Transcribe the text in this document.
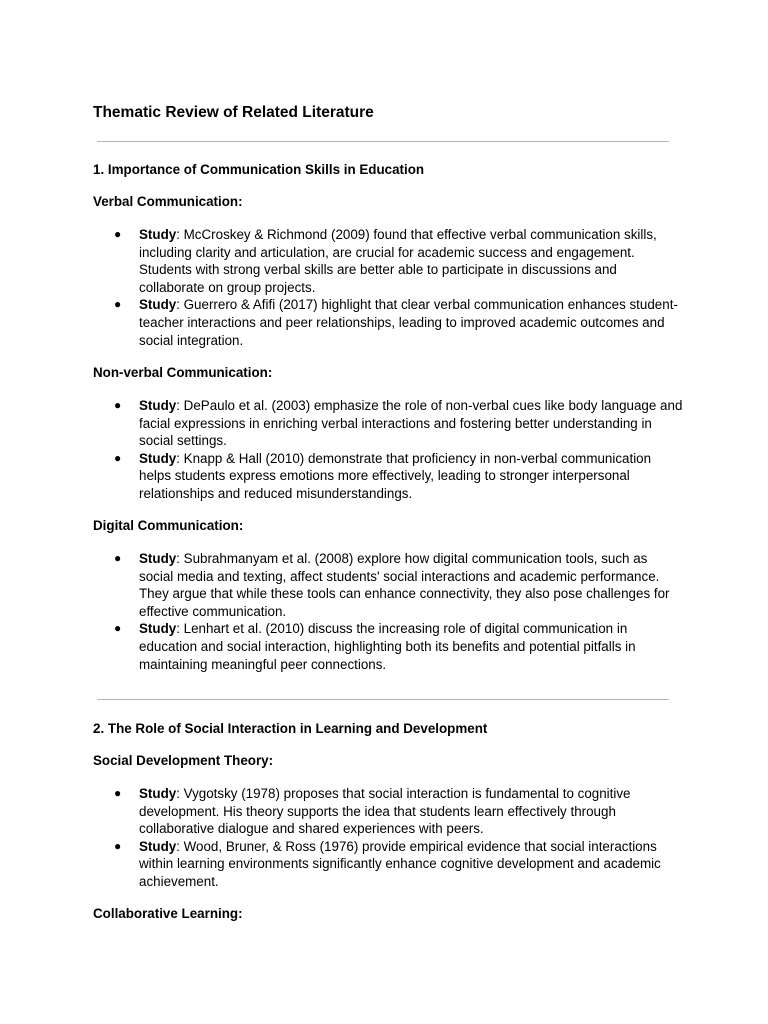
Thematic Review of Related Literature
1. Importance of Communication Skills in Education
Verbal Communication:
● Study: McCroskey & Richmond (2009) found that effective verbal communication skills, including clarity and articulation, are crucial for academic success and engagement. Students with strong verbal skills are better able to participate in discussions and collaborate on group projects.
● Study: Guerrero & Afifi (2017) highlight that clear verbal communication enhances student-teacher interactions and peer relationships, leading to improved academic outcomes and social integration.
Non-verbal Communication:
● Study: DePaulo et al. (2003) emphasize the role of non-verbal cues like body language and facial expressions in enriching verbal interactions and fostering better understanding in social settings.
● Study: Knapp & Hall (2010) demonstrate that proficiency in non-verbal communication helps students express emotions more effectively, leading to stronger interpersonal relationships and reduced misunderstandings.
Digital Communication:
● Study: Subrahmanyam et al. (2008) explore how digital communication tools, such as social media and texting, affect students' social interactions and academic performance. They argue that while these tools can enhance connectivity, they also pose challenges for effective communication.
● Study: Lenhart et al. (2010) discuss the increasing role of digital communication in education and social interaction, highlighting both its benefits and potential pitfalls in maintaining meaningful peer connections.
2. The Role of Social Interaction in Learning and Development
Social Development Theory:
● Study: Vygotsky (1978) proposes that social interaction is fundamental to cognitive development. His theory supports the idea that students learn effectively through collaborative dialogue and shared experiences with peers.
● Study: Wood, Bruner, & Ross (1976) provide empirical evidence that social interactions within learning environments significantly enhance cognitive development and academic achievement.
Collaborative Learning:
